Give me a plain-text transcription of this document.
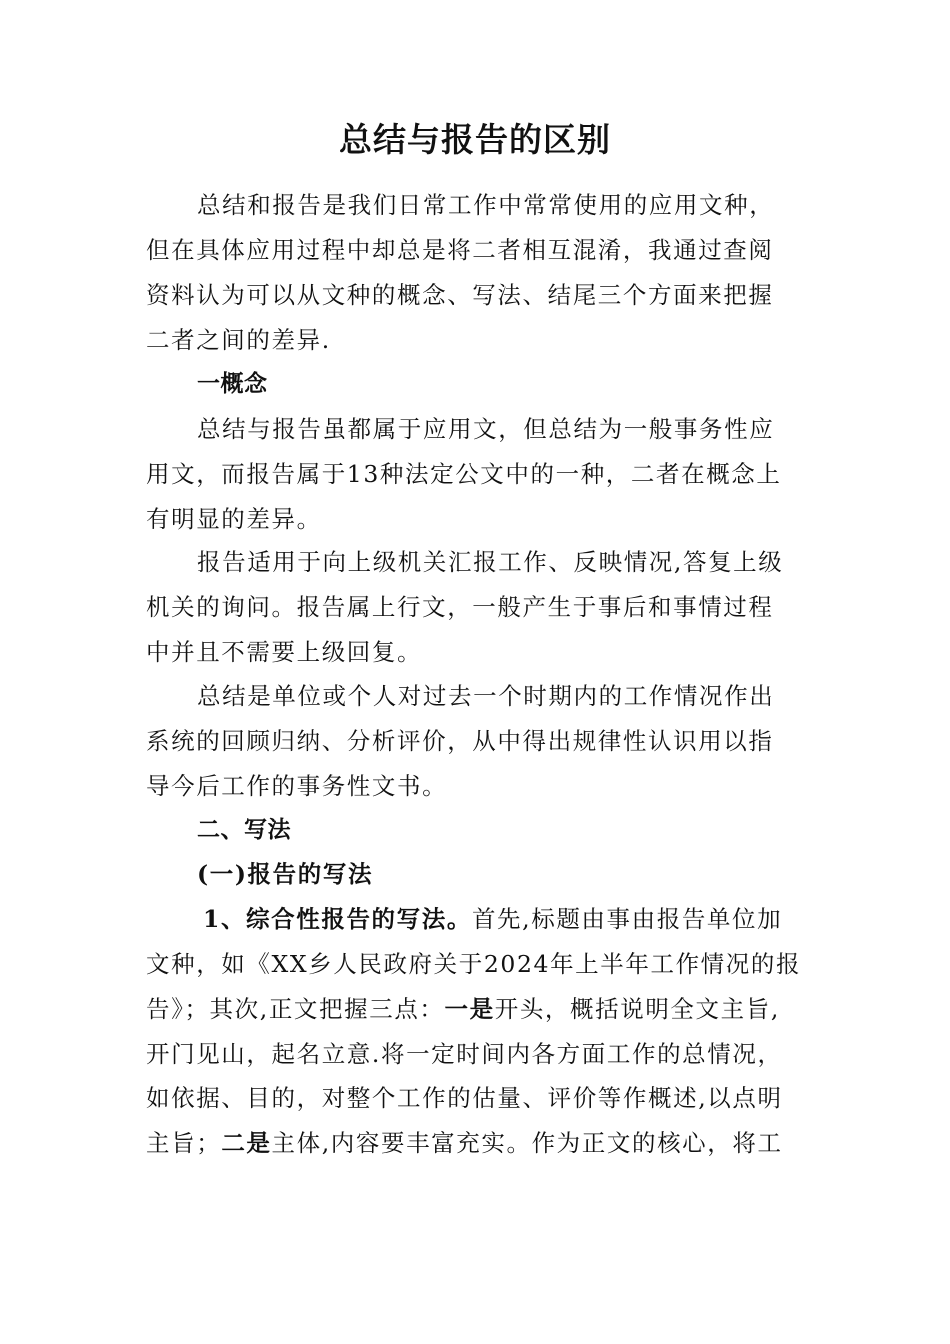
总结与报告的区别
总结和报告是我们日常工作中常常使用的应用文种，
但在具体应用过程中却总是将二者相互混淆，我通过查阅
资料认为可以从文种的概念、写法、结尾三个方面来把握
二者之间的差异.
一概念
总结与报告虽都属于应用文，但总结为一般事务性应
用文，而报告属于13种法定公文中的一种，二者在概念上
有明显的差异。
报告适用于向上级机关汇报工作、反映情况,答复上级
机关的询问。报告属上行文，一般产生于事后和事情过程
中并且不需要上级回复。
总结是单位或个人对过去一个时期内的工作情况作出
系统的回顾归纳、分析评价，从中得出规律性认识用以指
导今后工作的事务性文书。
二、写法
(一)报告的写法
1、综合性报告的写法。首先,标题由事由报告单位加
文种，如《XX乡人民政府关于2024年上半年工作情况的报
告》；其次,正文把握三点：一是开头，概括说明全文主旨,
开门见山，起名立意.将一定时间内各方面工作的总情况，
如依据、目的，对整个工作的估量、评价等作概述,以点明
主旨；二是主体,内容要丰富充实。作为正文的核心，将工
